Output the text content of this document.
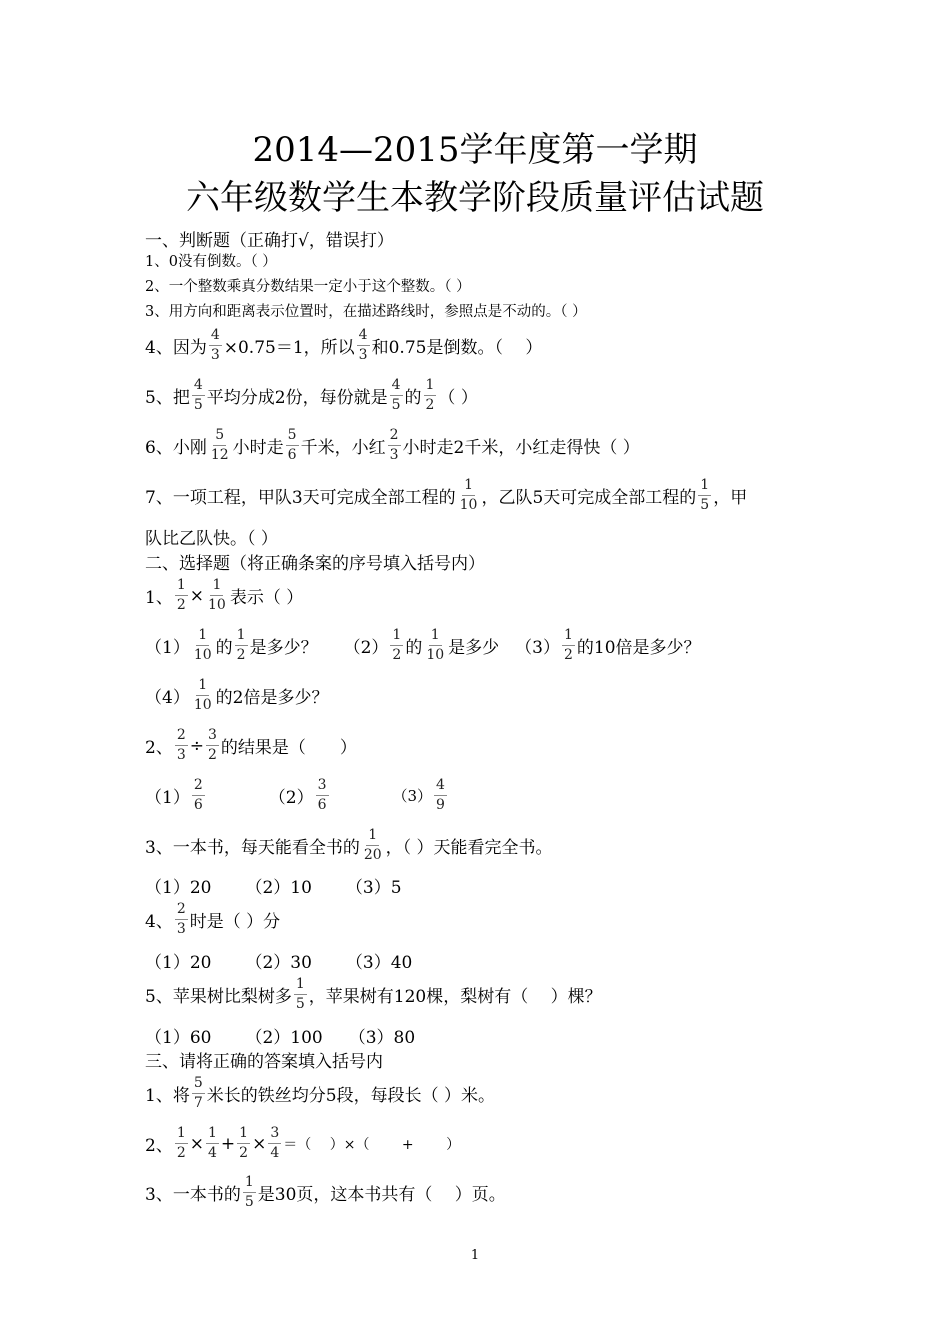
2014—2015学年度第一学期
六年级数学生本教学阶段质量评估试题
一、判断题（正确打√，错误打）
1、0没有倒数。（ ）
2、一个整数乘真分数结果一定小于这个整数。（ ）
3、用方向和距离表示位置时，在描述路线时，参照点是不动的。（ ）
4、因为 $\frac{4}{3} \times 0.75=1$，所以 $\frac{4}{3}$ 和0.75是倒数。（　 ）
5、把 $\frac{4}{5}$ 平均分成2份，每份就是 $\frac{4}{5}$ 的 $\frac{1}{2}$ （ ）
6、小刚 $\frac{5}{12}$ 小时走 $\frac{5}{6}$ 千米，小红 $\frac{2}{3}$ 小时走2千米，小红走得快（ ）
7、一项工程，甲队3天可完成全部工程的 $\frac{1}{10}$ ，乙队5天可完成全部工程的 $\frac{1}{5}$ ，甲
队比乙队快。（ ）
二、选择题（将正确条案的序号填入括号内）
1、 $\frac{1}{2} \times \frac{1}{10}$ 表示（ ）
$(1) \frac{1}{10}$ 的 $\frac{1}{2}$ 是多少？ $(2) \frac{1}{2}$ 的 $\frac{1}{10}$ 是多少 $(3) \frac{1}{2}$ 的10倍是多少？
$(4) \frac{1}{10}$ 的2倍是多少？
2、 $\frac{2}{3} \div \frac{3}{2}$ 的结果是（　　）
$(1) \frac{2}{6}$	$(2) \frac{3}{6}$	$(3) \frac{4}{9}$
3、一本书，每天能看全书的 $\frac{1}{20}$ ，（ ）天能看完全书。
（1）20 （2）10 （3）5
4、 $\frac{2}{3}$ 时是（ ）分
（1）20 （2）30 （3）40
5、苹果树比梨树多 $\frac{1}{5}$ ，苹果树有120棵，梨树有（　 ）棵？
（1）60 （2）100 （3）80
三、请将正确的答案填入括号内
1、将 $\frac{5}{7}$ 米长的铁丝均分5段，每段长（ ）米。
2、 $\frac{1}{2} \times \frac{1}{4} + \frac{1}{2} \times \frac{3}{4}$ ＝（　 ）×（　　 +　　 ）
3、一本书的 $\frac{1}{5}$ 是30页，这本书共有（　 ）页。
1
